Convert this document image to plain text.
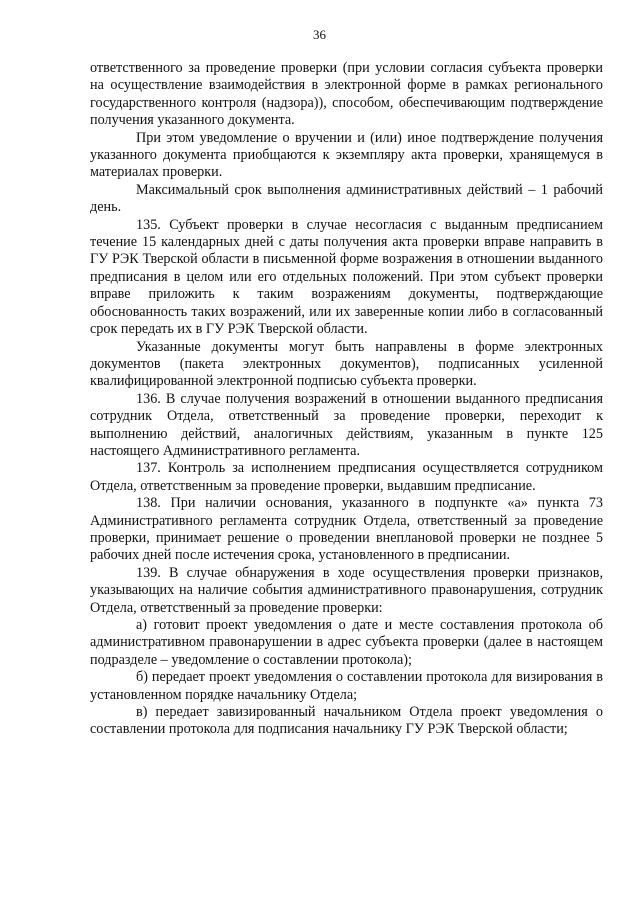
36

ответственного за проведение проверки (при условии согласия субъекта проверки на осуществление взаимодействия в электронной форме в рамках регионального государственного контроля (надзора)), способом, обеспечивающим подтверждение получения указанного документа.

При этом уведомление о вручении и (или) иное подтверждение получения указанного документа приобщаются к экземпляру акта проверки, хранящемуся в материалах проверки.

Максимальный срок выполнения административных действий – 1 рабочий день.

135. Субъект проверки в случае несогласия с выданным предписанием течение 15 календарных дней с даты получения акта проверки вправе направить в ГУ РЭК Тверской области в письменной форме возражения в отношении выданного предписания в целом или его отдельных положений. При этом субъект проверки вправе приложить к таким возражениям документы, подтверждающие обоснованность таких возражений, или их заверенные копии либо в согласованный срок передать их в ГУ РЭК Тверской области.

Указанные документы могут быть направлены в форме электронных документов (пакета электронных документов), подписанных усиленной квалифицированной электронной подписью субъекта проверки.

136. В случае получения возражений в отношении выданного предписания сотрудник Отдела, ответственный за проведение проверки, переходит к выполнению действий, аналогичных действиям, указанным в пункте 125 настоящего Административного регламента.

137. Контроль за исполнением предписания осуществляется сотрудником Отдела, ответственным за проведение проверки, выдавшим предписание.

138. При наличии основания, указанного в подпункте «а» пункта 73 Административного регламента сотрудник Отдела, ответственный за проведение проверки, принимает решение о проведении внеплановой проверки не позднее 5 рабочих дней после истечения срока, установленного в предписании.

139. В случае обнаружения в ходе осуществления проверки признаков, указывающих на наличие события административного правонарушения, сотрудник Отдела, ответственный за проведение проверки:

а) готовит проект уведомления о дате и месте составления протокола об административном правонарушении в адрес субъекта проверки (далее в настоящем подразделе – уведомление о составлении протокола);

б) передает проект уведомления о составлении протокола для визирования в установленном порядке начальнику Отдела;

в) передает завизированный начальником Отдела проект уведомления о составлении протокола для подписания начальнику ГУ РЭК Тверской области;
